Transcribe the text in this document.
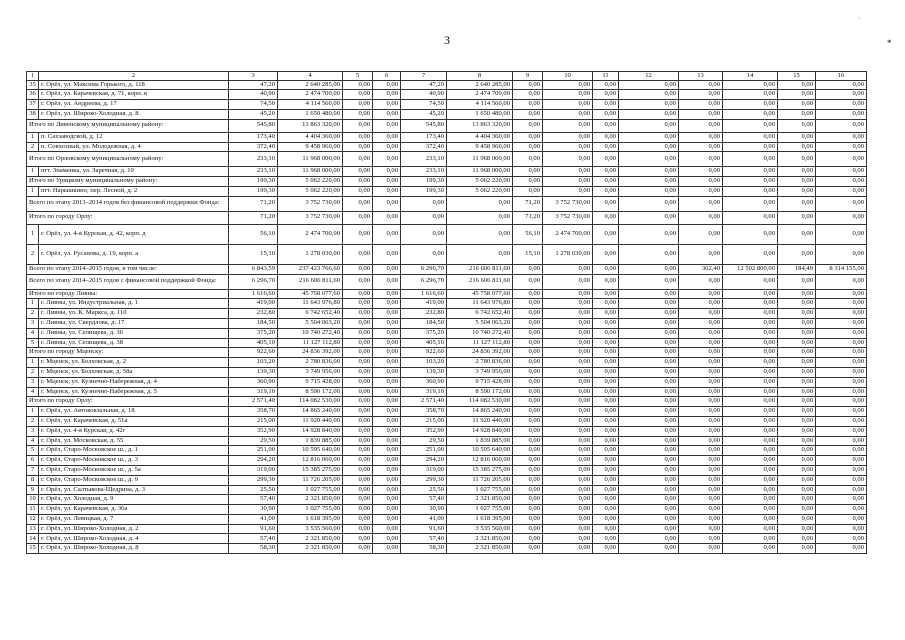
·
3	*
1	2	3	4	5	6	7	8	9	10	11	12	13	14	15	16
35	г. Орёл, ул. Максима Горького, д. 118	47,20	2 640 285,00	0,00	0,00	47,20	2 640 285,00	0,00	0,00	0,00	0,00	0,00	0,00	0,00	0,00
36	г. Орёл, ул. Карачевская, д. 71, корп. в	40,90	2 474 700,00	0,00	0,00	40,90	2 474 700,00	0,00	0,00	0,00	0,00	0,00	0,00	0,00	0,00
37	г. Орёл, ул. Андреева, д. 17	74,50	4 114 560,00	0,00	0,00	74,50	4 114 560,00	0,00	0,00	0,00	0,00	0,00	0,00	0,00	0,00
38	г. Орёл, ул. Широко-Холодная, д. 8	45,20	1 650 480,00	0,00	0,00	45,20	1 650 480,00	0,00	0,00	0,00	0,00	0,00	0,00	0,00	0,00
Итого по Ливенскому муниципальному району:		545,80	13 863 320,00	0,00	0,00	545,80	13 863 320,00	0,00	0,00	0,00	0,00	0,00	0,00	0,00	0,00
1	п. Сахзаводской, д. 12	173,40	4 404 360,00	0,00	0,00	173,40	4 404 360,00	0,00	0,00	0,00	0,00	0,00	0,00	0,00	0,00
2	п. Совхозный, ул. Молодежная, д. 4	372,40	9 458 960,00	0,00	0,00	372,40	9 458 960,00	0,00	0,00	0,00	0,00	0,00	0,00	0,00	0,00
Итого по Орловскому муниципальному району:		233,10	11 968 000,00	0,00	0,00	233,10	11 968 000,00	0,00	0,00	0,00	0,00	0,00	0,00	0,00	0,00
1	пгт. Знаменка, ул. Заречная, д. 19	233,10	11 968 000,00	0,00	0,00	233,10	11 968 000,00	0,00	0,00	0,00	0,00	0,00	0,00	0,00	0,00
Итого по Урицкому муниципальному району:		199,30	5 062 220,00	0,00	0,00	199,30	5 062 220,00	0,00	0,00	0,00	0,00	0,00	0,00	0,00	0,00
1	пгт. Нарышкино, пер. Лесной, д. 2	199,30	5 062 220,00	0,00	0,00	199,30	5 062 220,00	0,00	0,00	0,00	0,00	0,00	0,00	0,00	0,00
Всего по этапу 2013–2014 годов без финансовой поддержки Фонда:		71,20	3 752 730,00	0,00	0,00	0,00	0,00	71,20	3 752 730,00	0,00	0,00	0,00	0,00	0,00	0,00
Итого по городу Орлу:		71,20	3 752 730,00	0,00	0,00	0,00	0,00	71,20	3 752 730,00	0,00	0,00	0,00	0,00	0,00	0,00
1	г. Орёл, ул. 4-я Курская, д. 42, корп. д	56,10	2 474 700,00	0,00	0,00	0,00	0,00	56,10	2 474 700,00	0,00	0,00	0,00	0,00	0,00	0,00
2	г. Орёл, ул. Русанова, д. 19, корп. а	15,10	1 278 030,00	0,00	0,00	0,00	0,00	15,10	1 278 030,00	0,00	0,00	0,00	0,00	0,00	0,00
Всего по этапу 2014–2015 годов, в том числе:		6 843,59	237 423 766,60	0,00	0,00	6 296,70	216 606 811,60	0,00	0,00	0,00	0,00	362,40	12 502 800,00	184,49	8 314 155,00
Всего по этапу 2014–2015 годов с финансовой поддержкой Фонда:		6 296,70	216 606 811,60	0,00	0,00	6 296,70	216 606 811,60	0,00	0,00	0,00	0,00	0,00	0,00	0,00	0,00
Итого по городу Ливны:		1 616,60	45 758 077,60	0,00	0,00	1 616,60	45 758 077,60	0,00	0,00	0,00	0,00	0,00	0,00	0,00	0,00
1	г. Ливны, ул. Индустриальная, д. 1	419,00	11 643 976,80	0,00	0,00	419,00	11 643 976,80	0,00	0,00	0,00	0,00	0,00	0,00	0,00	0,00
2	г. Ливны, ул. К. Маркса, д. 110	232,80	6 742 652,40	0,00	0,00	232,80	6 742 652,40	0,00	0,00	0,00	0,00	0,00	0,00	0,00	0,00
3	г. Ливны, ул. Свердлова, д. 17	184,50	5 504 063,20	0,00	0,00	184,50	5 504 063,20	0,00	0,00	0,00	0,00	0,00	0,00	0,00	0,00
4	г. Ливны, ул. Селищева, д. 36	375,20	10 740 272,40	0,00	0,00	375,20	10 740 272,40	0,00	0,00	0,00	0,00	0,00	0,00	0,00	0,00
5	г. Ливны, ул. Селищева, д. 38	405,10	11 127 112,80	0,00	0,00	405,10	11 127 112,80	0,00	0,00	0,00	0,00	0,00	0,00	0,00	0,00
Итого по городу Мценску:		922,60	24 836 392,00	0,00	0,00	922,60	24 836 392,00	0,00	0,00	0,00	0,00	0,00	0,00	0,00	0,00
1	г. Мценск, ул. Болховская, д. 2	103,20	2 780 836,00	0,00	0,00	103,20	2 780 836,00	0,00	0,00	0,00	0,00	0,00	0,00	0,00	0,00
2	г. Мценск, ул. Болховская, д. 58а	139,30	3 749 956,00	0,00	0,00	139,30	3 749 956,00	0,00	0,00	0,00	0,00	0,00	0,00	0,00	0,00
3	г. Мценск, ул. Кузнечно-Набережная, д. 4	360,90	9 715 428,00	0,00	0,00	360,90	9 715 428,00	0,00	0,00	0,00	0,00	0,00	0,00	0,00	0,00
4	г. Мценск, ул. Кузнечно-Набережная, д. 5	319,10	8 590 172,00	0,00	0,00	319,10	8 590 172,00	0,00	0,00	0,00	0,00	0,00	0,00	0,00	0,00
Итого по городу Орлу:		2 571,40	114 082 530,00	0,00	0,00	2 571,40	114 082 530,00	0,00	0,00	0,00	0,00	0,00	0,00	0,00	0,00
1	г. Орёл, ул. Автовокзальная, д. 18	358,70	14 865 240,00	0,00	0,00	358,70	14 865 240,00	0,00	0,00	0,00	0,00	0,00	0,00	0,00	0,00
2	г. Орёл, ул. Карачевская, д. 51а	215,00	11 920 440,00	0,00	0,00	215,00	11 920 440,00	0,00	0,00	0,00	0,00	0,00	0,00	0,00	0,00
3	г. Орёл, ул. 4-я Курская, д. 42г	352,90	14 928 840,00	0,00	0,00	352,90	14 928 840,00	0,00	0,00	0,00	0,00	0,00	0,00	0,00	0,00
4	г. Орёл, ул. Московская, д. 55	29,50	1 839 885,00	0,00	0,00	29,50	1 839 885,00	0,00	0,00	0,00	0,00	0,00	0,00	0,00	0,00
5	г. Орёл, Старо-Московское ш., д. 1	251,00	10 595 640,00	0,00	0,00	251,00	10 595 640,00	0,00	0,00	0,00	0,00	0,00	0,00	0,00	0,00
6	г. Орёл, Старо-Московское ш., д. 3	294,20	12 816 060,00	0,00	0,00	294,20	12 816 060,00	0,00	0,00	0,00	0,00	0,00	0,00	0,00	0,00
7	г. Орёл, Старо-Московское ш., д. 5а	319,00	15 385 275,00	0,00	0,00	319,00	15 385 275,00	0,00	0,00	0,00	0,00	0,00	0,00	0,00	0,00
8	г. Орёл, Старо-Московское ш., д. 9	299,30	11 726 205,00	0,00	0,00	299,30	11 726 205,00	0,00	0,00	0,00	0,00	0,00	0,00	0,00	0,00
9	г. Орёл, ул. Салтыкова-Щедрина, д. 3	25,50	1 027 755,00	0,00	0,00	25,50	1 027 755,00	0,00	0,00	0,00	0,00	0,00	0,00	0,00	0,00
10	г. Орёл, ул. Холодная, д. 9	57,40	2 321 850,00	0,00	0,00	57,40	2 321 850,00	0,00	0,00	0,00	0,00	0,00	0,00	0,00	0,00
11	г. Орёл, ул. Карачевская, д. 36а	30,90	1 027 755,00	0,00	0,00	30,90	1 027 755,00	0,00	0,00	0,00	0,00	0,00	0,00	0,00	0,00
12	г. Орёл, ул. Левицкая, д. 7	41,00	1 618 395,00	0,00	0,00	41,00	1 618 395,00	0,00	0,00	0,00	0,00	0,00	0,00	0,00	0,00
13	г. Орёл, ул. Широко-Холодная, д. 2	91,60	3 535 560,00	0,00	0,00	91,60	3 535 560,00	0,00	0,00	0,00	0,00	0,00	0,00	0,00	0,00
14	г. Орёл, ул. Широко-Холодная, д. 4	57,40	2 321 850,00	0,00	0,00	57,40	2 321 850,00	0,00	0,00	0,00	0,00	0,00	0,00	0,00	0,00
15	г. Орёл, ул. Широко-Холодная, д. 8	58,30	2 321 850,00	0,00	0,00	58,30	2 321 850,00	0,00	0,00	0,00	0,00	0,00	0,00	0,00	0,00
